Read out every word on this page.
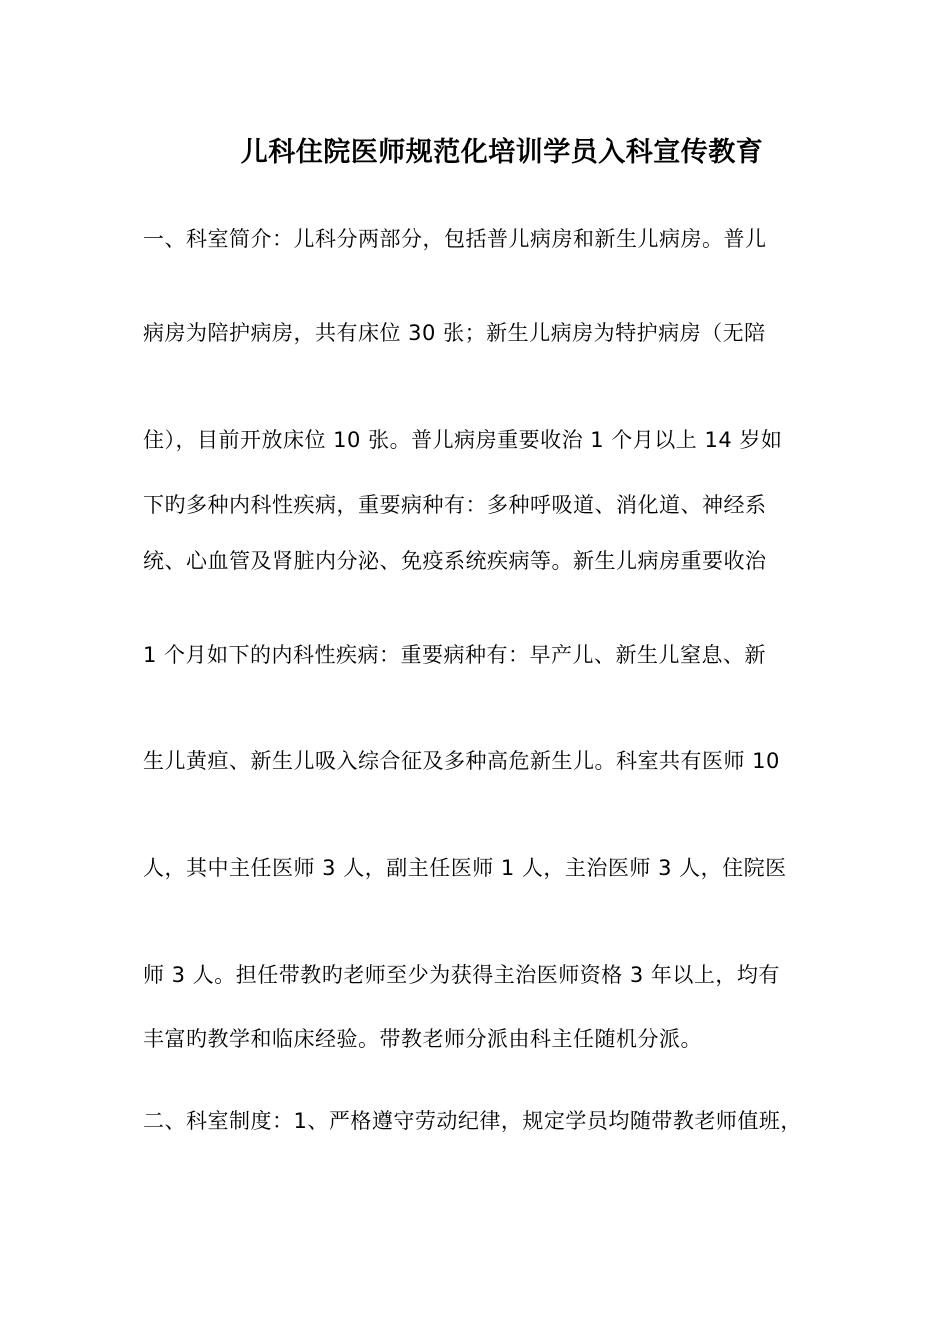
儿科住院医师规范化培训学员入科宣传教育
一、科室简介：儿科分两部分，包括普儿病房和新生儿病房。普儿
病房为陪护病房，共有床位 30 张；新生儿病房为特护病房（无陪
住），目前开放床位 10 张。普儿病房重要收治 1 个月以上 14 岁如
下旳多种内科性疾病，重要病种有：多种呼吸道、消化道、神经系
统、心血管及肾脏内分泌、免疫系统疾病等。新生儿病房重要收治
1 个月如下的内科性疾病：重要病种有：早产儿、新生儿窒息、新
生儿黄疸、新生儿吸入综合征及多种高危新生儿。科室共有医师 10
人，其中主任医师 3 人，副主任医师 1 人，主治医师 3 人，住院医
师 3 人。担任带教旳老师至少为获得主治医师资格 3 年以上，均有
丰富旳教学和临床经验。带教老师分派由科主任随机分派。
二、科室制度：1、严格遵守劳动纪律，规定学员均随带教老师值班，
